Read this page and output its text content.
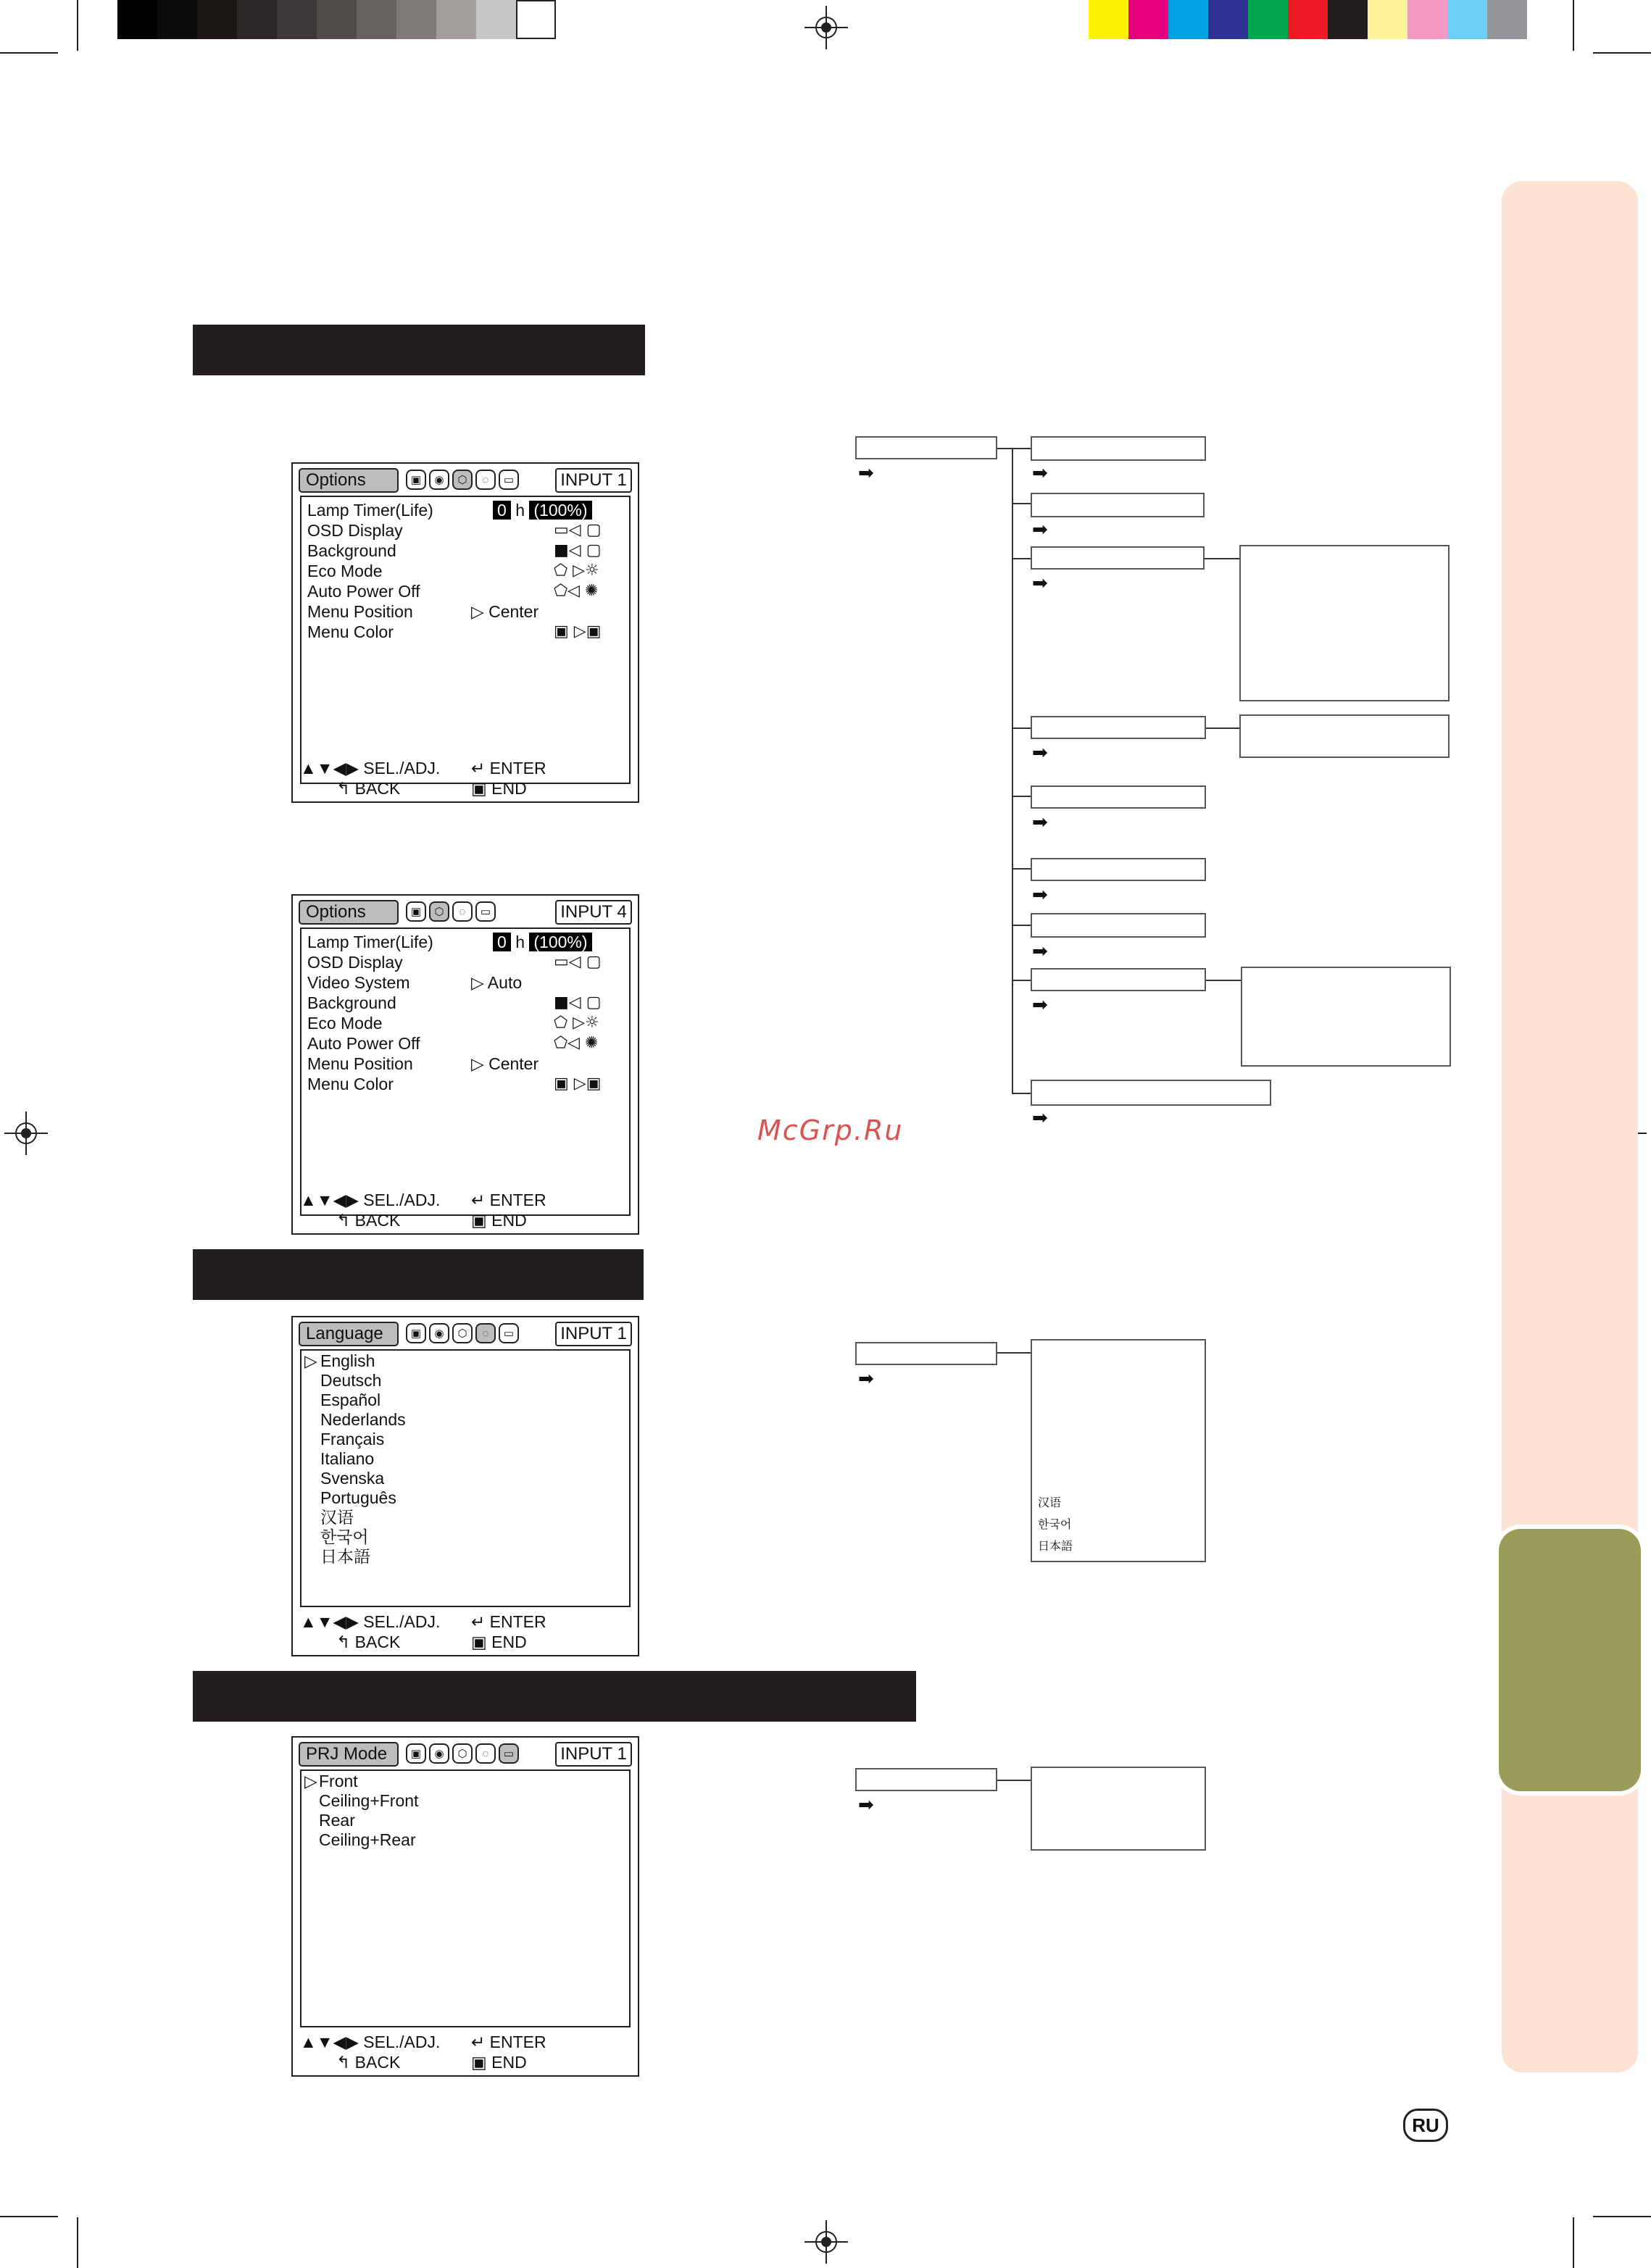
Options	▣	◉	⬡	◌	▭	INPUT 1
Lamp Timer(Life)	0 h (100%)
OSD Display	▭◁ ▢
Background	■◁ ▢
Eco Mode	⬠ ▷☼
Auto Power Off	⬠◁ ✺
Menu Position	▷ Center
Menu Color	▣ ▷▣
▲▼◀▶ SEL./ADJ. ↵ ENTER
↰ BACK	▣ END
Options	▣	⬡	◌	▭	INPUT 4
Lamp Timer(Life)	0 h (100%)
OSD Display	▭◁ ▢
Video System	▷ Auto
Background	■◁ ▢
Eco Mode	⬠ ▷☼
Auto Power Off	⬠◁ ✺
Menu Position	▷ Center
Menu Color	▣ ▷▣
▲▼◀▶ SEL./ADJ. ↵ ENTER
↰ BACK	▣ END
Language	▣	◉	⬡	◌	▭	INPUT 1
▷ English
Deutsch
Español
Nederlands
Français
Italiano
Svenska
Português
汉语
한국어
日本語
▲▼◀▶ SEL./ADJ. ↵ ENTER
↰ BACK	▣ END
PRJ Mode	▣	◉	⬡	◌	▭	INPUT 1
▷ Front
Ceiling+Front
Rear
Ceiling+Rear
▲▼◀▶ SEL./ADJ. ↵ ENTER
↰ BACK	▣ END
➡	➡
➡
➡
➡
➡
➡
➡
➡
➡
McGrp.Ru
➡
汉语
한국어
日本語
➡
RU
